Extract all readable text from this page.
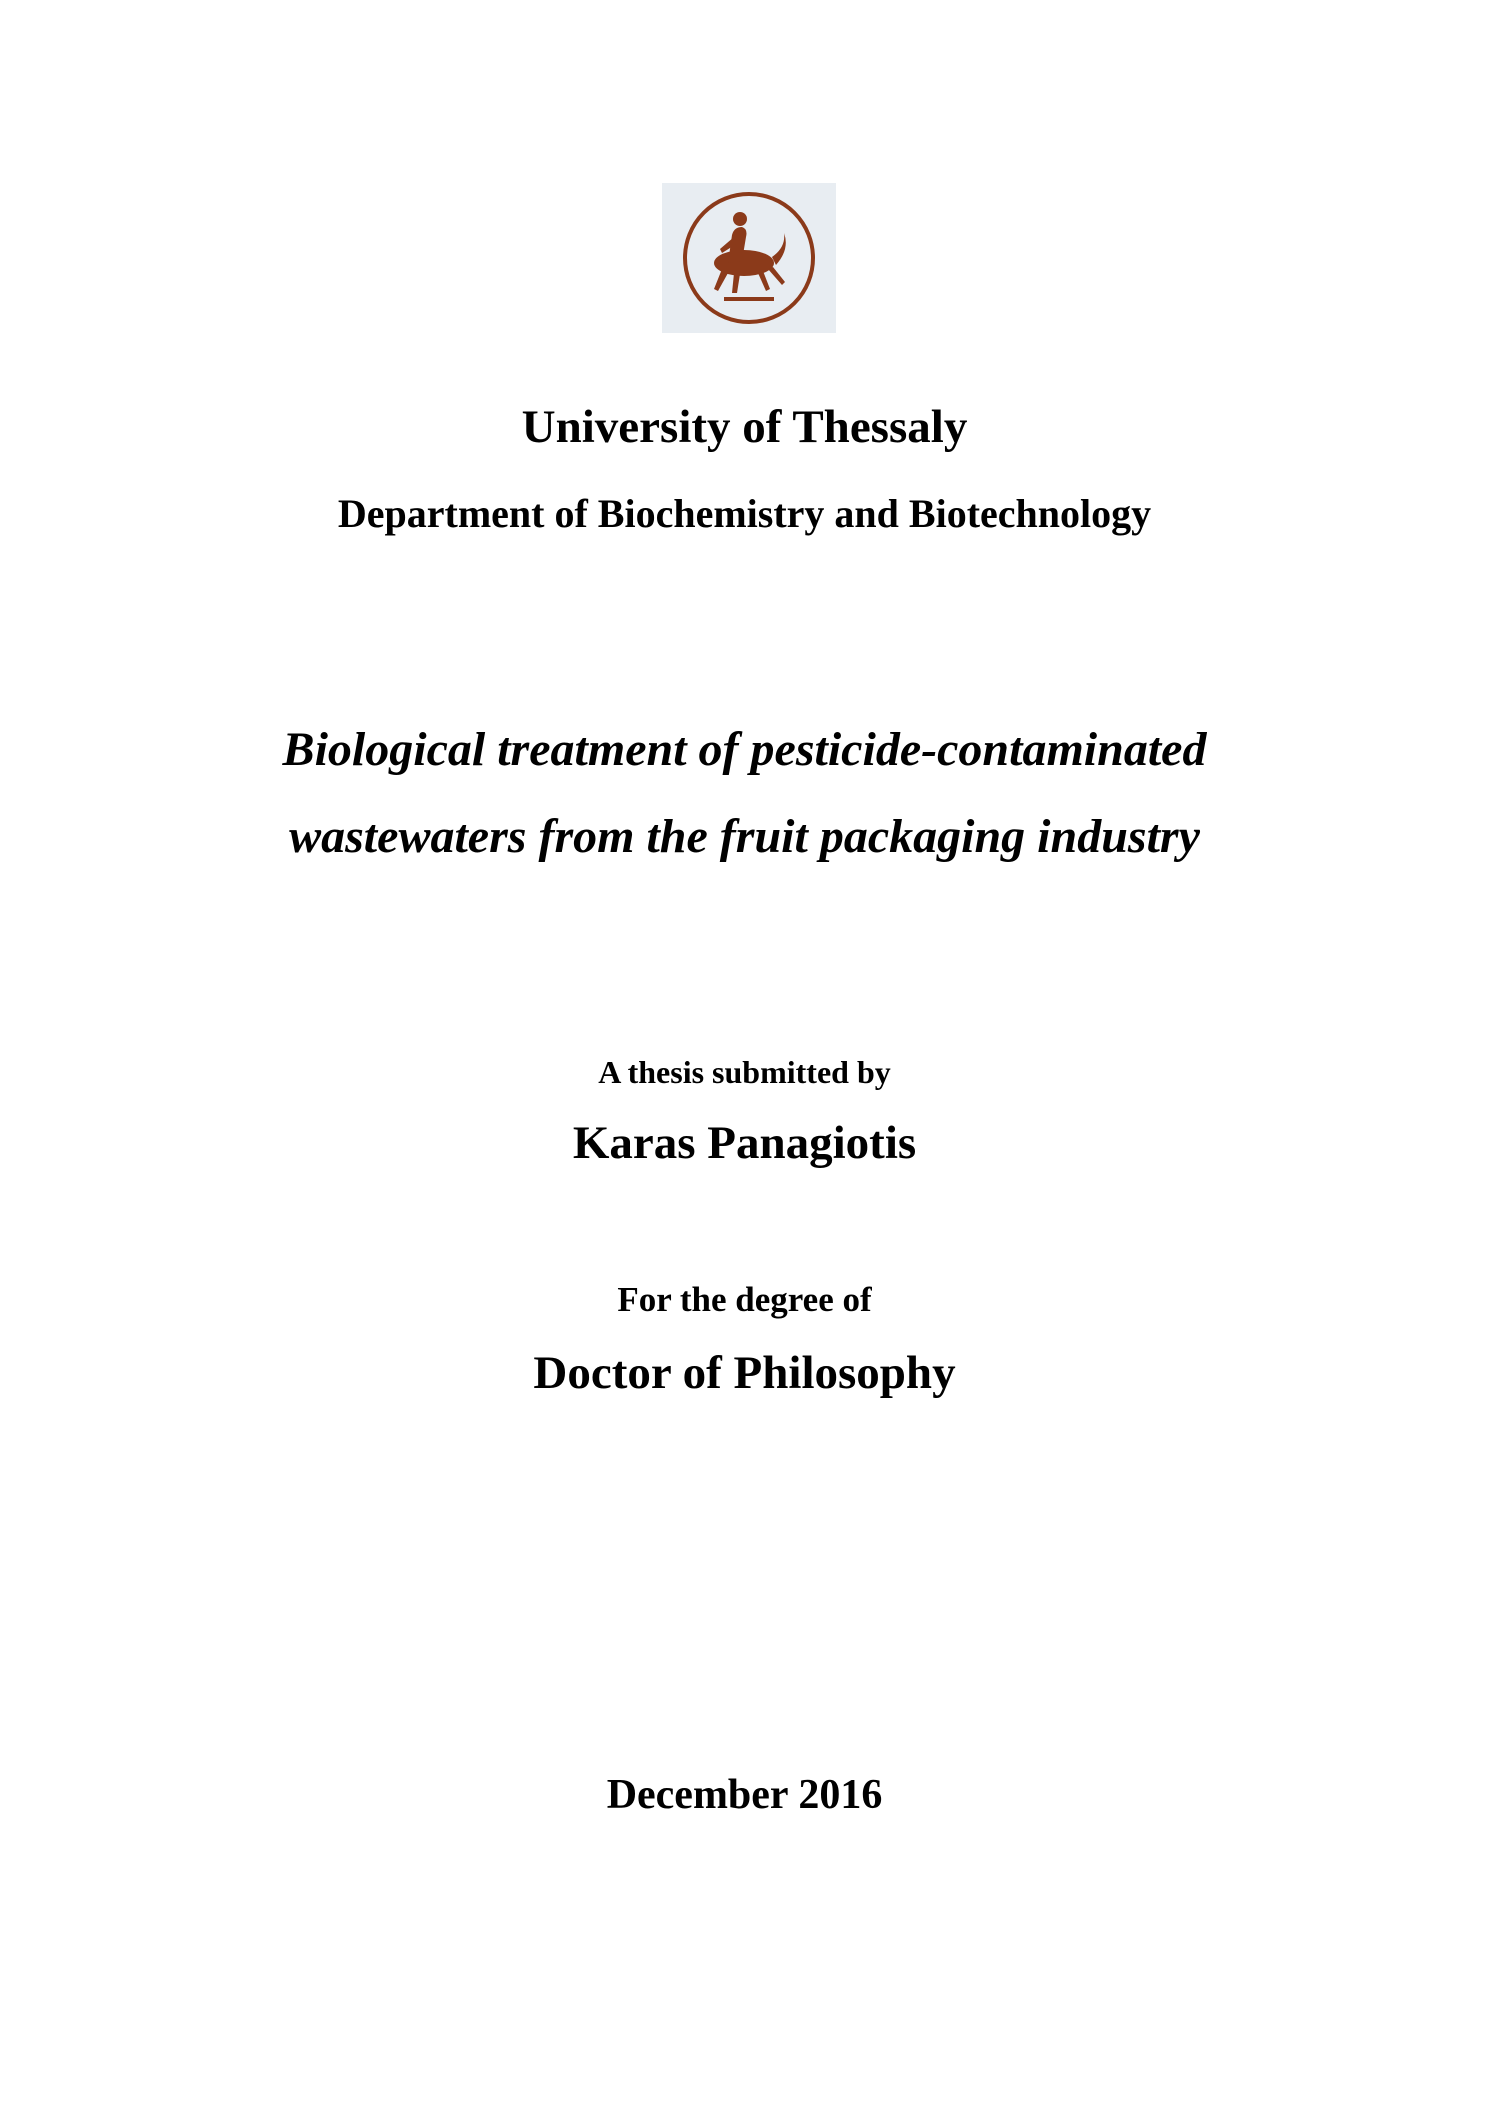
University of Thessaly
Department of Biochemistry and Biotechnology
Biological treatment of pesticide-contaminated
wastewaters from the fruit packaging industry
A thesis submitted by
Karas Panagiotis
For the degree of
Doctor of Philosophy
December 2016
